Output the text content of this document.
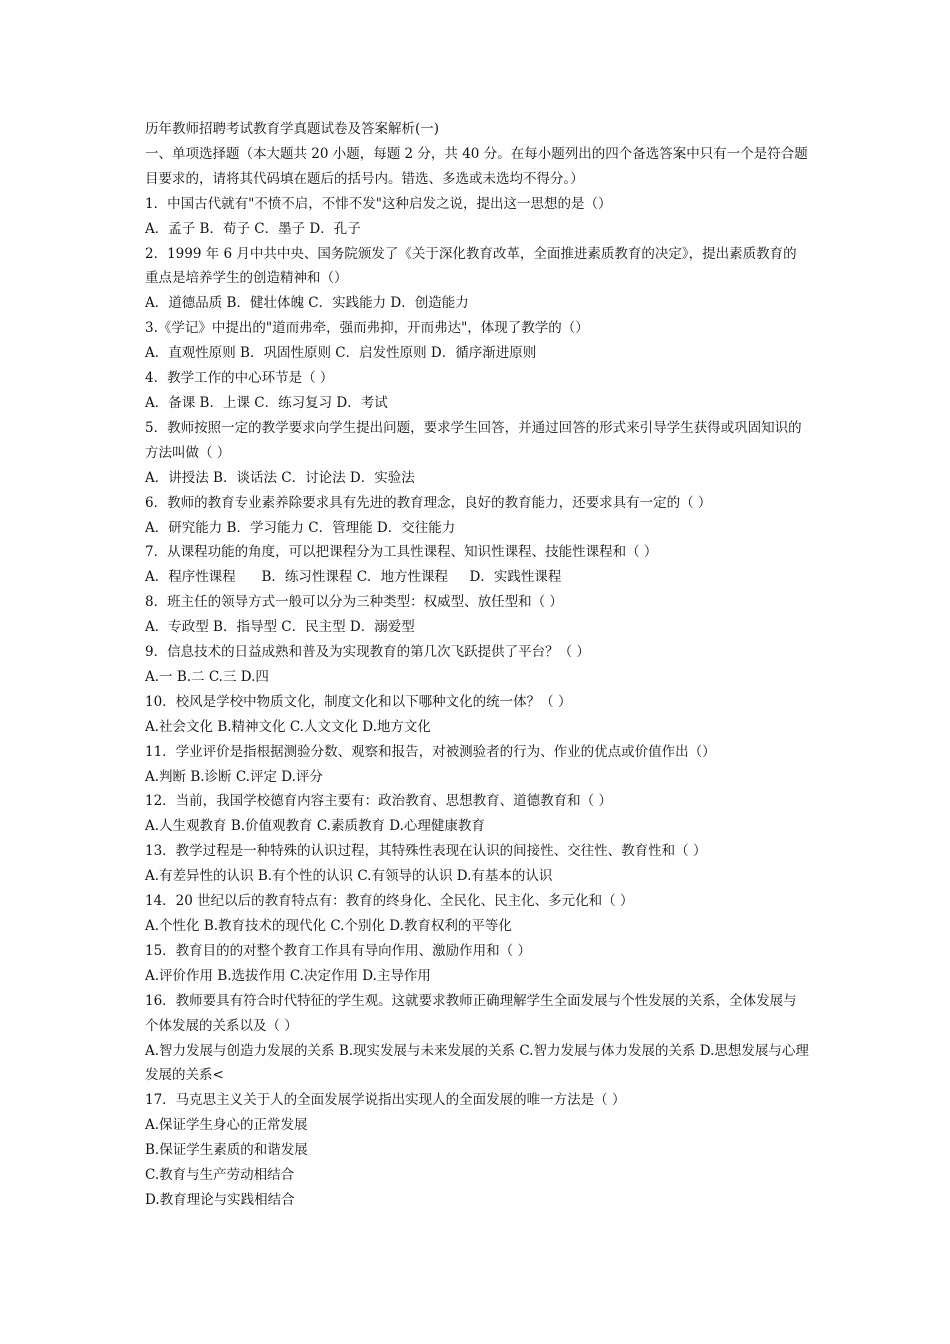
历年教师招聘考试教育学真题试卷及答案解析(一)

一、单项选择题（本大题共 20 小题，每题 2 分，共 40 分。在每小题列出的四个备选答案中只有一个是符合题目要求的，请将其代码填在题后的括号内。错选、多选或未选均不得分。）

1．中国古代就有"不愤不启，不悱不发"这种启发之说，提出这一思想的是（）

A．孟子 B．荀子 C．墨子 D．孔子

2．1999 年 6 月中共中央、国务院颁发了《关于深化教育改革，全面推进素质教育的决定》，提出素质教育的重点是培养学生的创造精神和（）

A．道德品质 B．健壮体魄 C．实践能力 D．创造能力

3.《学记》中提出的"道而弗牵，强而弗抑，开而弗达"，体现了教学的（）

A．直观性原则 B．巩固性原则 C．启发性原则 D．循序渐进原则

4．教学工作的中心环节是（ ）

A．备课 B．上课 C．练习复习 D．考试

5．教师按照一定的教学要求向学生提出问题，要求学生回答，并通过回答的形式来引导学生获得或巩固知识的方法叫做（ ）

A．讲授法 B．谈话法 C．讨论法 D．实验法

6．教师的教育专业素养除要求具有先进的教育理念，良好的教育能力，还要求具有一定的（ ）

A．研究能力 B．学习能力 C．管理能 D．交往能力

7．从课程功能的角度，可以把课程分为工具性课程、知识性课程、技能性课程和（ ）

A．程序性课程      B．练习性课程 C．地方性课程     D．实践性课程

8．班主任的领导方式一般可以分为三种类型：权威型、放任型和（ ）

A．专政型 B．指导型 C．民主型 D．溺爱型

9．信息技术的日益成熟和普及为实现教育的第几次飞跃提供了平台？（ ）

A.一 B.二 C.三 D.四

10．校风是学校中物质文化，制度文化和以下哪种文化的统一体？（ ）

A.社会文化 B.精神文化 C.人文文化 D.地方文化

11．学业评价是指根据测验分数、观察和报告，对被测验者的行为、作业的优点或价值作出（）

A.判断 B.诊断 C.评定 D.评分

12．当前，我国学校德育内容主要有：政治教育、思想教育、道德教育和（ ）

A.人生观教育 B.价值观教育 C.素质教育 D.心理健康教育

13．教学过程是一种特殊的认识过程，其特殊性表现在认识的间接性、交往性、教育性和（ ）

A.有差异性的认识 B.有个性的认识 C.有领导的认识 D.有基本的认识

14．20 世纪以后的教育特点有：教育的终身化、全民化、民主化、多元化和（ ）

A.个性化 B.教育技术的现代化 C.个别化 D.教育权利的平等化

15．教育目的的对整个教育工作具有导向作用、激励作用和（ ）

A.评价作用 B.选拔作用 C.决定作用 D.主导作用

16．教师要具有符合时代特征的学生观。这就要求教师正确理解学生全面发展与个性发展的关系，全体发展与个体发展的关系以及（ ）

A.智力发展与创造力发展的关系 B.现实发展与未来发展的关系 C.智力发展与体力发展的关系 D.思想发展与心理发展的关系<

17．马克思主义关于人的全面发展学说指出实现人的全面发展的唯一方法是（ ）

A.保证学生身心的正常发展

B.保证学生素质的和谐发展

C.教育与生产劳动相结合

D.教育理论与实践相结合
